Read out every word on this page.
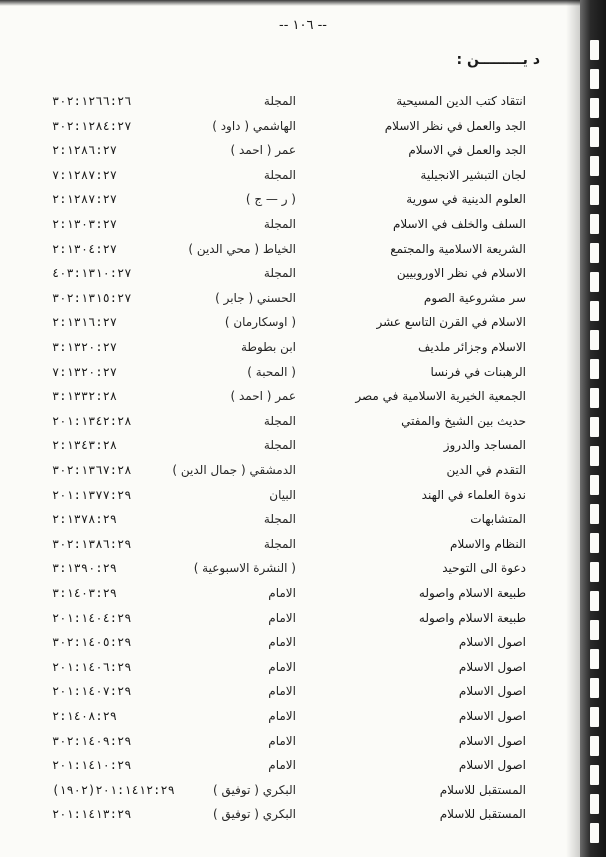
-- ١٠٦ --
د يـــــــــن :
انتقاد كتب الدين المسيحية
المجلة
٣٠٢:١٢٦٦:٢٦
الجد والعمل في نظر الاسلام
الهاشمي ( داود )
٣٠٢:١٢٨٤:٢٧
الجد والعمل في الاسلام
عمر ( احمد )
٢:١٢٨٦:٢٧
لجان التبشير الانجيلية
المجلة
٧:١٢٨٧:٢٧
العلوم الدينية في سورية
( ر — ج )
٢:١٢٨٧:٢٧
السلف والخلف في الاسلام
المجلة
٢:١٣٠٣:٢٧
الشريعة الاسلامية والمجتمع
الخياط ( محي الدين )
٢:١٣٠٤:٢٧
الاسلام في نظر الاوروبيين
المجلة
٤٠٣:١٣١٠:٢٧
سر مشروعية الصوم
الحسني ( جابر )
٣٠٢:١٣١٥:٢٧
الاسلام في القرن التاسع عشر
( اوسكارمان )
٢:١٣١٦:٢٧
الاسلام وجزائر ملديف
ابن بطوطة
٣:١٣٢٠:٢٧
الرهبنات في فرنسا
( المحبة )
٧:١٣٢٠:٢٧
الجمعية الخيرية الاسلامية في مصر
عمر ( احمد )
٣:١٣٣٢:٢٨
حديث بين الشيخ والمفتي
المجلة
٢٠١:١٣٤٢:٢٨
المساجد والدروز
المجلة
٢:١٣٤٣:٢٨
التقدم في الدين
الدمشقي ( جمال الدين )
٣٠٢:١٣٦٧:٢٨
ندوة العلماء في الهند
البيان
٢٠١:١٣٧٧:٢٩
المتشابهات
المجلة
٢:١٣٧٨:٢٩
النظام والاسلام
المجلة
٣٠٢:١٣٨٦:٢٩
دعوة الى التوحيد
( النشرة الاسبوعية )
٣:١٣٩٠:٢٩
طبيعة الاسلام واصوله
الامام
٣:١٤٠٣:٢٩
طبيعة الاسلام واصوله
الامام
٢٠١:١٤٠٤:٢٩
اصول الاسلام
الامام
٣٠٢:١٤٠٥:٢٩
اصول الاسلام
الامام
٢٠١:١٤٠٦:٢٩
اصول الاسلام
الامام
٢٠١:١٤٠٧:٢٩
اصول الاسلام
الامام
٢:١٤٠٨:٢٩
اصول الاسلام
الامام
٣٠٢:١٤٠٩:٢٩
اصول الاسلام
الامام
٢٠١:١٤١٠:٢٩
المستقبل للاسلام
البكري ( توفيق )
٢٠١:١٤١٢:٢٩(١٩٠٢)
المستقبل للاسلام
البكري ( توفيق )
٢٠١:١٤١٣:٢٩
